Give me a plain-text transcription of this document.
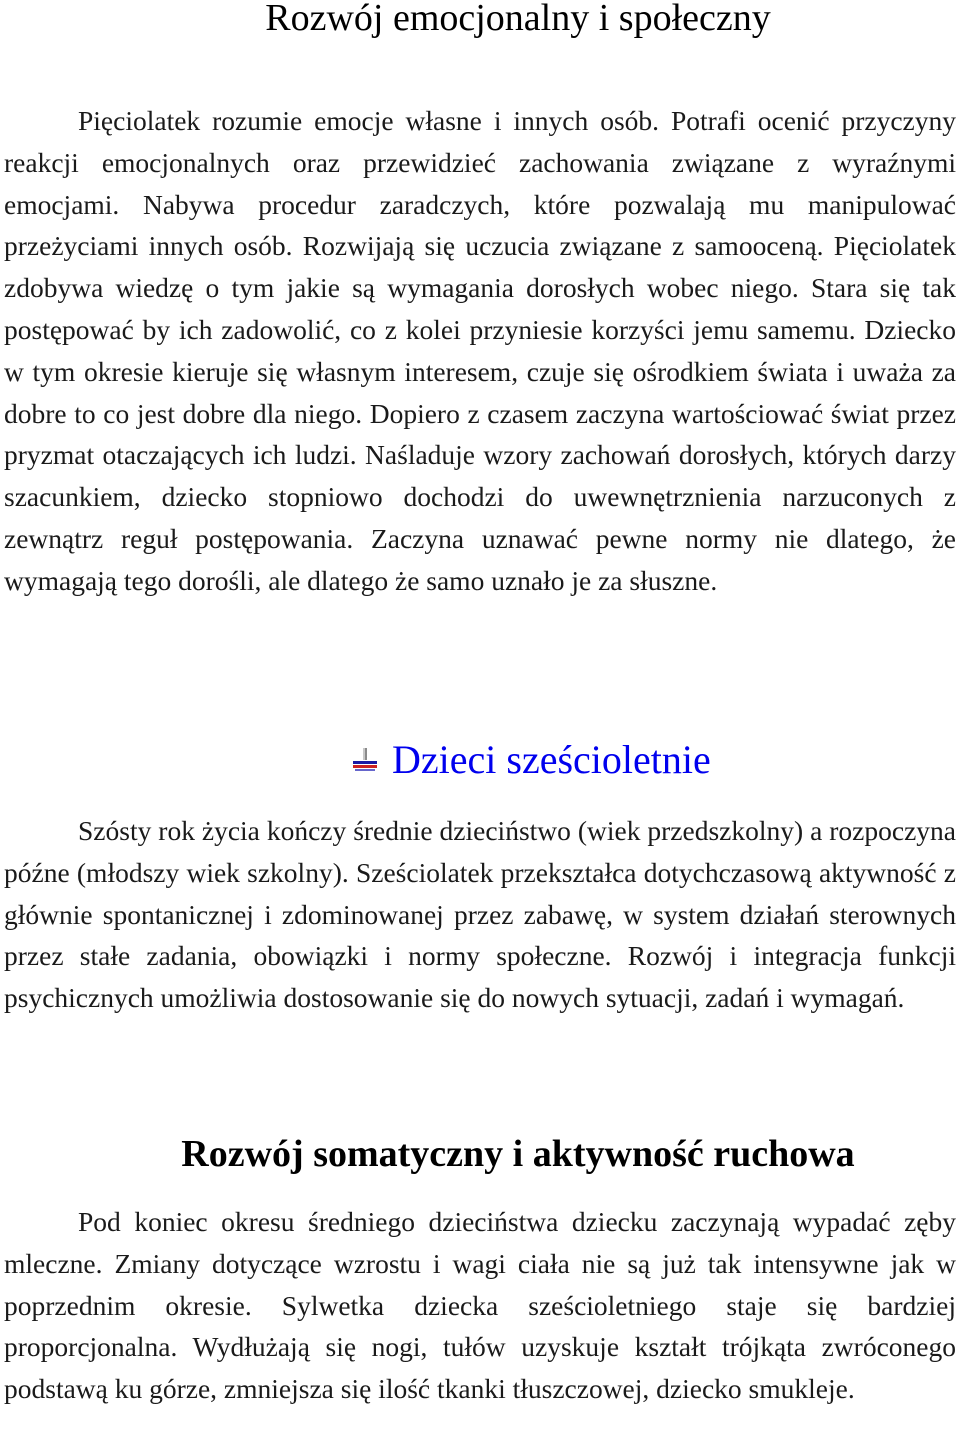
Rozwój emocjonalny i społeczny

Pięciolatek rozumie emocje własne i innych osób. Potrafi ocenić przyczyny reakcji emocjonalnych oraz przewidzieć zachowania związane z wyraźnymi emocjami. Nabywa procedur zaradczych, które pozwalają mu manipulować przeżyciami innych osób. Rozwijają się uczucia związane z samooceną. Pięciolatek zdobywa wiedzę o tym jakie są wymagania dorosłych wobec niego. Stara się tak postępować by ich zadowolić, co z kolei przyniesie korzyści jemu samemu. Dziecko w tym okresie kieruje się własnym interesem, czuje się ośrodkiem świata i uważa za dobre to co jest dobre dla niego. Dopiero z czasem zaczyna wartościować świat przez pryzmat otaczających ich ludzi. Naśladuje wzory zachowań dorosłych, których darzy szacunkiem, dziecko stopniowo dochodzi do uwewnętrznienia narzuconych z zewnątrz reguł postępowania. Zaczyna uznawać pewne normy nie dlatego, że wymagają tego dorośli, ale dlatego że samo uznało je za słuszne.

Dzieci sześcioletnie

Szósty rok życia kończy średnie dzieciństwo (wiek przedszkolny) a rozpoczyna późne (młodszy wiek szkolny). Sześciolatek przekształca dotychczasową aktywność z głównie spontanicznej i zdominowanej przez zabawę, w system działań sterownych przez stałe zadania, obowiązki i normy społeczne. Rozwój i integracja funkcji psychicznych umożliwia dostosowanie się do nowych sytuacji, zadań i wymagań.

Rozwój somatyczny i aktywność ruchowa

Pod koniec okresu średniego dzieciństwa dziecku zaczynają wypadać zęby mleczne. Zmiany dotyczące wzrostu i wagi ciała nie są już tak intensywne jak w poprzednim okresie. Sylwetka dziecka sześcioletniego staje się bardziej proporcjonalna. Wydłużają się nogi, tułów uzyskuje kształt trójkąta zwróconego podstawą ku górze, zmniejsza się ilość tkanki tłuszczowej, dziecko smukleje.
